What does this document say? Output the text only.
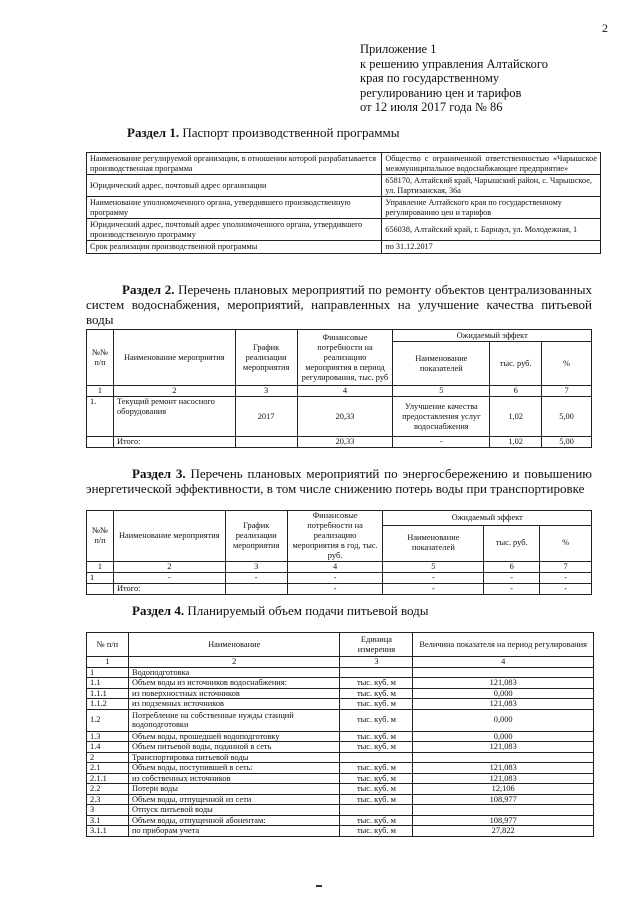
2
Приложение 1
к решению управления Алтайского
края по государственному
регулированию цен и тарифов
от 12 июля 2017 года № 86
Раздел 1. Паспорт производственной программы
Наименование регулируемой организации, в отношении которой разрабатывается производственная программа	Общество с ограниченной ответственностью «Чарышское межмуниципальное водоснабжающее предприятие»
Юридический адрес, почтовый адрес организации	658170, Алтайский край, Чарышский район, с. Чарышское, ул. Партизанская, 36а
Наименование уполномоченного органа, утвердившего производственную программу	Управление Алтайского края по государственному регулированию цен и тарифов
Юридический адрес, почтовый адрес уполномоченного органа, утвердившего производственную программу	656038, Алтайский край, г. Барнаул, ул. Молодежная, 1
Срок реализации производственной программы	по 31.12.2017
Раздел 2. Перечень плановых мероприятий по ремонту объектов централизованных систем водоснабжения, мероприятий, направленных на улучшение качества питьевой воды
№№ п/п	Наименование мероприятия	График реализации мероприятия	Финансовые потребности на реализацию мероприятия в период регулирования, тыс. руб	Ожидаемый эффект		
				Наименование показателей	тыс. руб.	%
1	2	3	4	5	6	7
1.	Текущий ремонт насосного оборудования	2017	20,33	Улучшение качества предоставления услуг водоснабжения	1,02	5,00
	Итого:		20,33	-	1,02	5,00
Раздел 3. Перечень плановых мероприятий по энергосбережению и повышению энергетической эффективности, в том числе снижению потерь воды при транспортировке
№№ п/п	Наименование мероприятия	График реализации мероприятия	Финансовые потребности на реализацию мероприятия в год, тыс. руб.	Ожидаемый эффект		
				Наименование показателей	тыс. руб.	%
1	2	3	4	5	6	7
1	-	-	-	-	-	-
	Итого:		-	-	-	-
Раздел 4. Планируемый объем подачи питьевой воды
№ п/п	Наименование	Единица измерения	Величина показателя на период регулирования
1	2	3	4
1	Водоподготовка		
1.1	Объем воды из источников водоснабжения:	тыс. куб. м	121,083
1.1.1	из поверхностных источников	тыс. куб. м	0,000
1.1.2	из подземных источников	тыс. куб. м	121,083
1.2	Потребление на собственные нужды станций водоподготовки	тыс. куб. м	0,000
1.3	Объем воды, прошедшей водоподготовку	тыс. куб. м	0,000
1.4	Объем питьевой воды, поданной в сеть	тыс. куб. м	121,083
2	Транспортировка питьевой воды		
2.1	Объем воды, поступившей в сеть:	тыс. куб. м	121,083
2.1.1	из собственных источников	тыс. куб. м	121,083
2.2	Потери воды	тыс. куб. м	12,106
2.3	Объем воды, отпущенной из сети	тыс. куб. м	108,977
3	Отпуск питьевой воды		
3.1	Объем воды, отпущенной абонентам:	тыс. куб. м	108,977
3.1.1	по приборам учета	тыс. куб. м	27,822
